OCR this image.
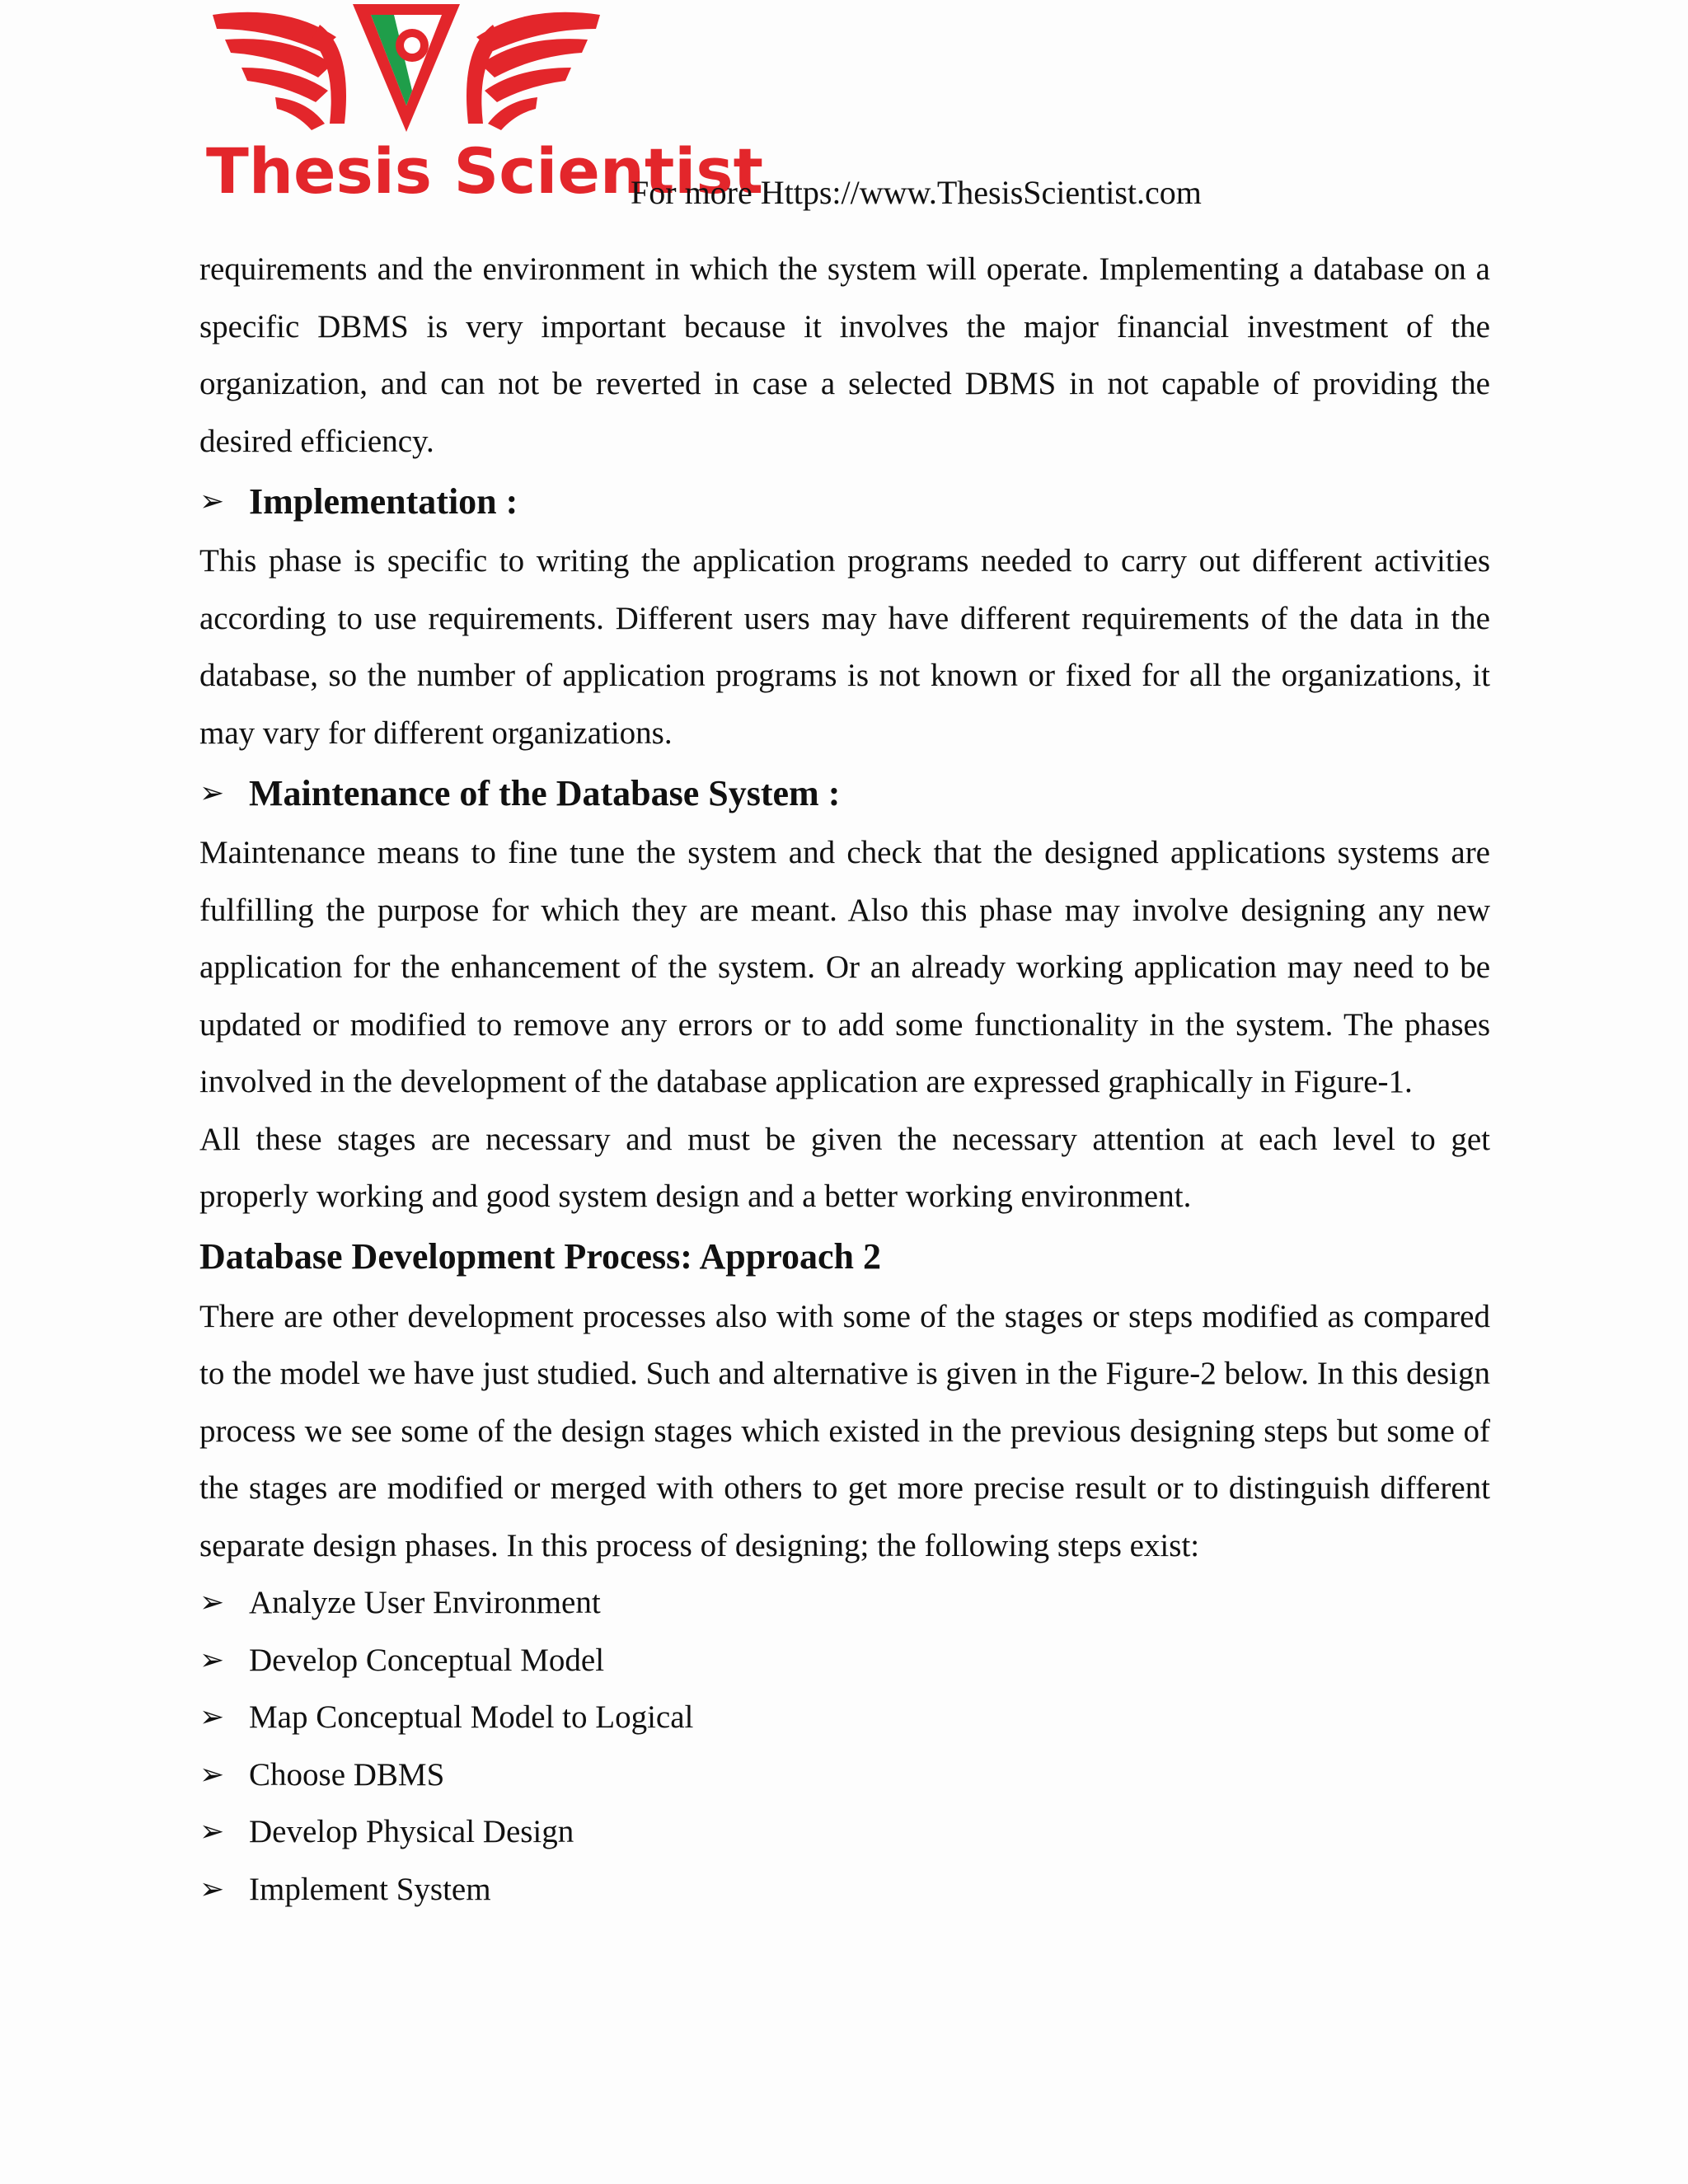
Thesis Scientist
For more Https://www.ThesisScientist.com

requirements and the environment in which the system will operate. Implementing a database on a specific DBMS is very important because it involves the major financial investment of the organization, and can not be reverted in case a selected DBMS in not capable of providing the desired efficiency.

➢ Implementation :

This phase is specific to writing the application programs needed to carry out different activities according to use requirements. Different users may have different requirements of the data in the database, so the number of application programs is not known or fixed for all the organizations, it may vary for different organizations.

➢ Maintenance of the Database System :

Maintenance means to fine tune the system and check that the designed applications systems are fulfilling the purpose for which they are meant. Also this phase may involve designing any new application for the enhancement of the system. Or an already working application may need to be updated or modified to remove any errors or to add some functionality in the system. The phases involved in the development of the database application are expressed graphically in Figure-1.

All these stages are necessary and must be given the necessary attention at each level to get properly working and good system design and a better working environment.

Database Development Process: Approach 2

There are other development processes also with some of the stages or steps modified as compared to the model we have just studied. Such and alternative is given in the Figure-2 below. In this design process we see some of the design stages which existed in the previous designing steps but some of the stages are modified or merged with others to get more precise result or to distinguish different separate design phases. In this process of designing; the following steps exist:

➢ Analyze User Environment
➢ Develop Conceptual Model
➢ Map Conceptual Model to Logical
➢ Choose DBMS
➢ Develop Physical Design
➢ Implement System
